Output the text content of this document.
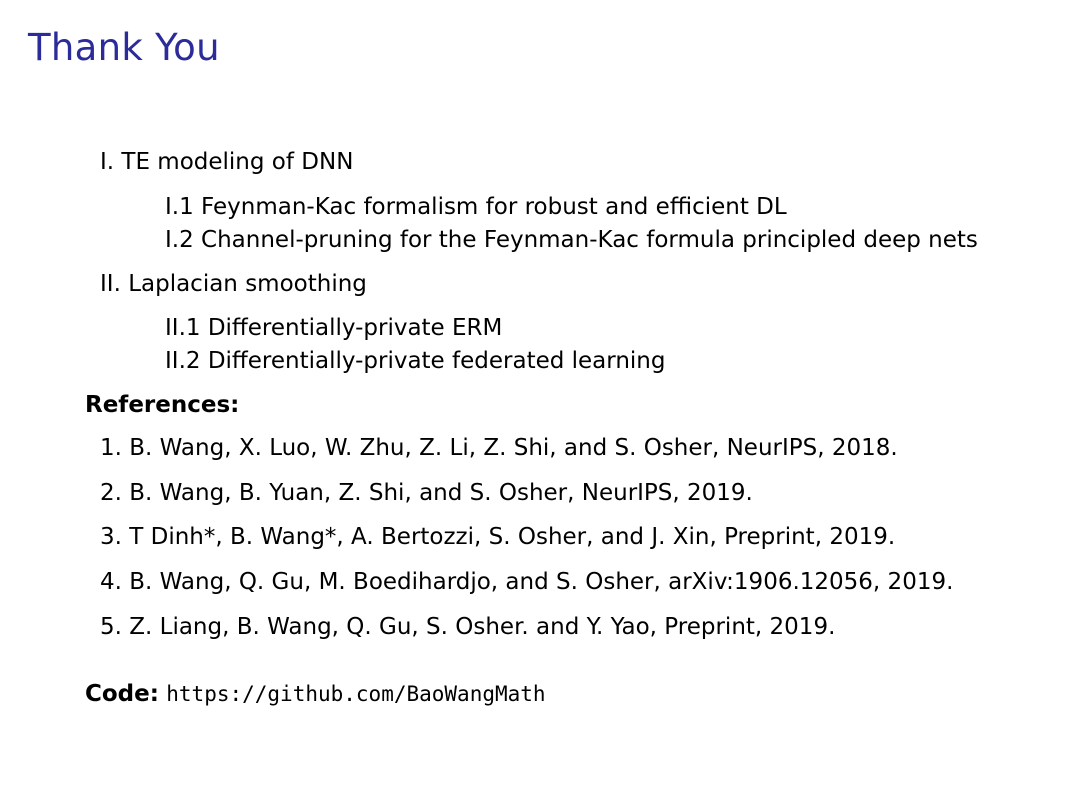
Thank You
I. TE modeling of DNN
I.1 Feynman-Kac formalism for robust and efficient DL
I.2 Channel-pruning for the Feynman-Kac formula principled deep nets
II. Laplacian smoothing
II.1 Differentially-private ERM
II.2 Differentially-private federated learning
References:
1. B. Wang, X. Luo, W. Zhu, Z. Li, Z. Shi, and S. Osher, NeurIPS, 2018.
2. B. Wang, B. Yuan, Z. Shi, and S. Osher, NeurIPS, 2019.
3. T Dinh*, B. Wang*, A. Bertozzi, S. Osher, and J. Xin, Preprint, 2019.
4. B. Wang, Q. Gu, M. Boedihardjo, and S. Osher, arXiv:1906.12056, 2019.
5. Z. Liang, B. Wang, Q. Gu, S. Osher. and Y. Yao, Preprint, 2019.
Code: https://github.com/BaoWangMath
